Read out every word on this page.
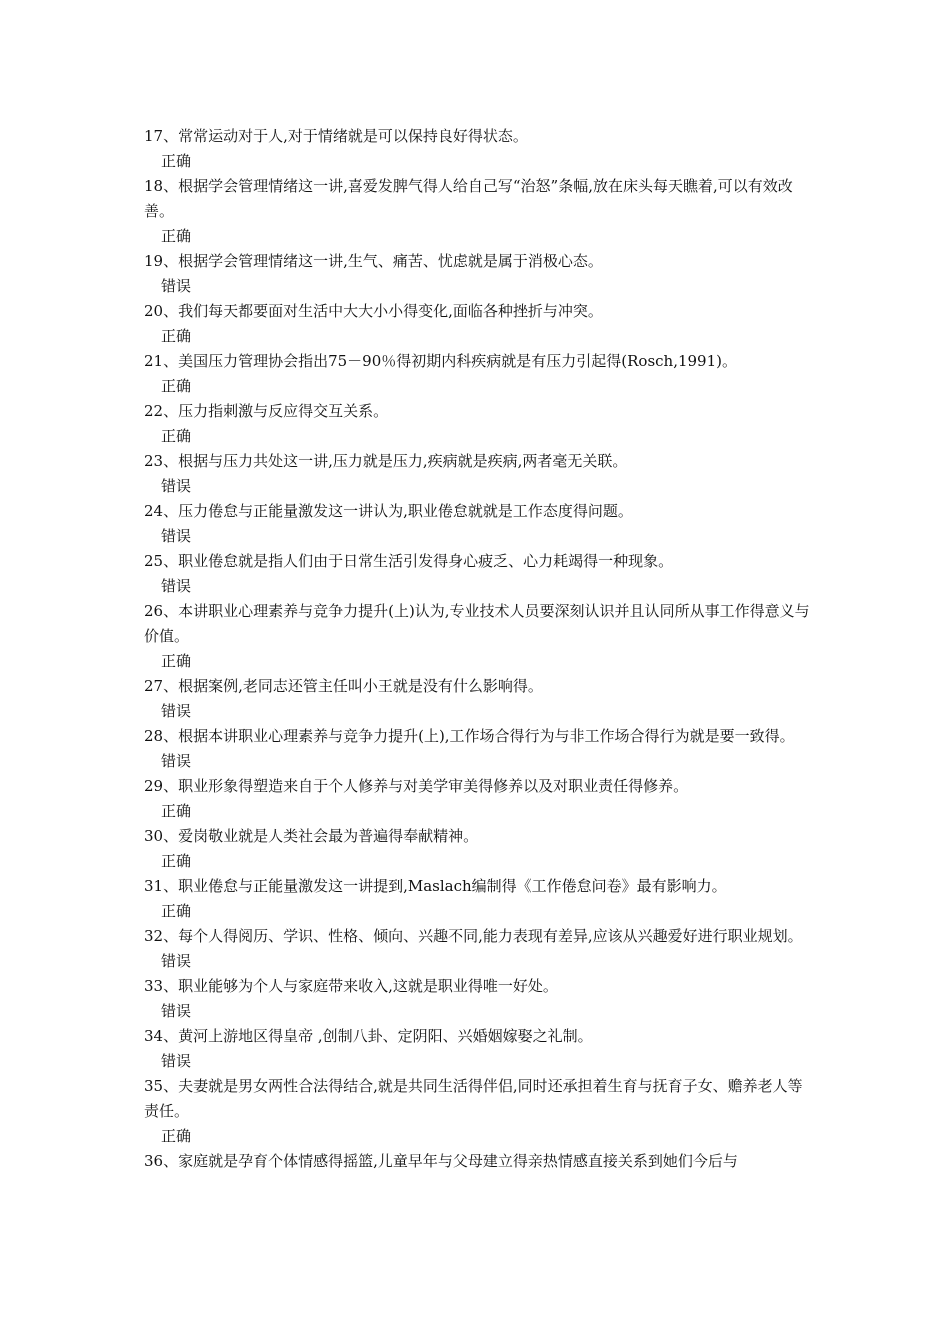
17、常常运动对于人,对于情绪就是可以保持良好得状态。

正确

18、根据学会管理情绪这一讲,喜爱发脾气得人给自己写“治怒”条幅,放在床头每天瞧着,可以有效改善。

正确

19、根据学会管理情绪这一讲,生气、痛苦、忧虑就是属于消极心态。

错误

20、我们每天都要面对生活中大大小小得变化,面临各种挫折与冲突。

正确

21、美国压力管理协会指出75－90％得初期内科疾病就是有压力引起得(Rosch,1991)。

正确

22、压力指刺激与反应得交互关系。

正确

23、根据与压力共处这一讲,压力就是压力,疾病就是疾病,两者毫无关联。

错误

24、压力倦怠与正能量激发这一讲认为,职业倦怠就就是工作态度得问题。

错误

25、职业倦怠就是指人们由于日常生活引发得身心疲乏、心力耗竭得一种现象。

错误

26、本讲职业心理素养与竞争力提升(上)认为,专业技术人员要深刻认识并且认同所从事工作得意义与价值。

正确

27、根据案例,老同志还管主任叫小王就是没有什么影响得。

错误

28、根据本讲职业心理素养与竞争力提升(上),工作场合得行为与非工作场合得行为就是要一致得。

错误

29、职业形象得塑造来自于个人修养与对美学审美得修养以及对职业责任得修养。

正确

30、爱岗敬业就是人类社会最为普遍得奉献精神。

正确

31、职业倦怠与正能量激发这一讲提到,Maslach编制得《工作倦怠问卷》最有影响力。

正确

32、每个人得阅历、学识、性格、倾向、兴趣不同,能力表现有差异,应该从兴趣爱好进行职业规划。

错误

33、职业能够为个人与家庭带来收入,这就是职业得唯一好处。

错误

34、黄河上游地区得皇帝 ,创制八卦、定阴阳、兴婚姻嫁娶之礼制。

错误

35、夫妻就是男女两性合法得结合,就是共同生活得伴侣,同时还承担着生育与抚育子女、赡养老人等责任。

正确

36、家庭就是孕育个体情感得摇篮,儿童早年与父母建立得亲热情感直接关系到她们今后与
